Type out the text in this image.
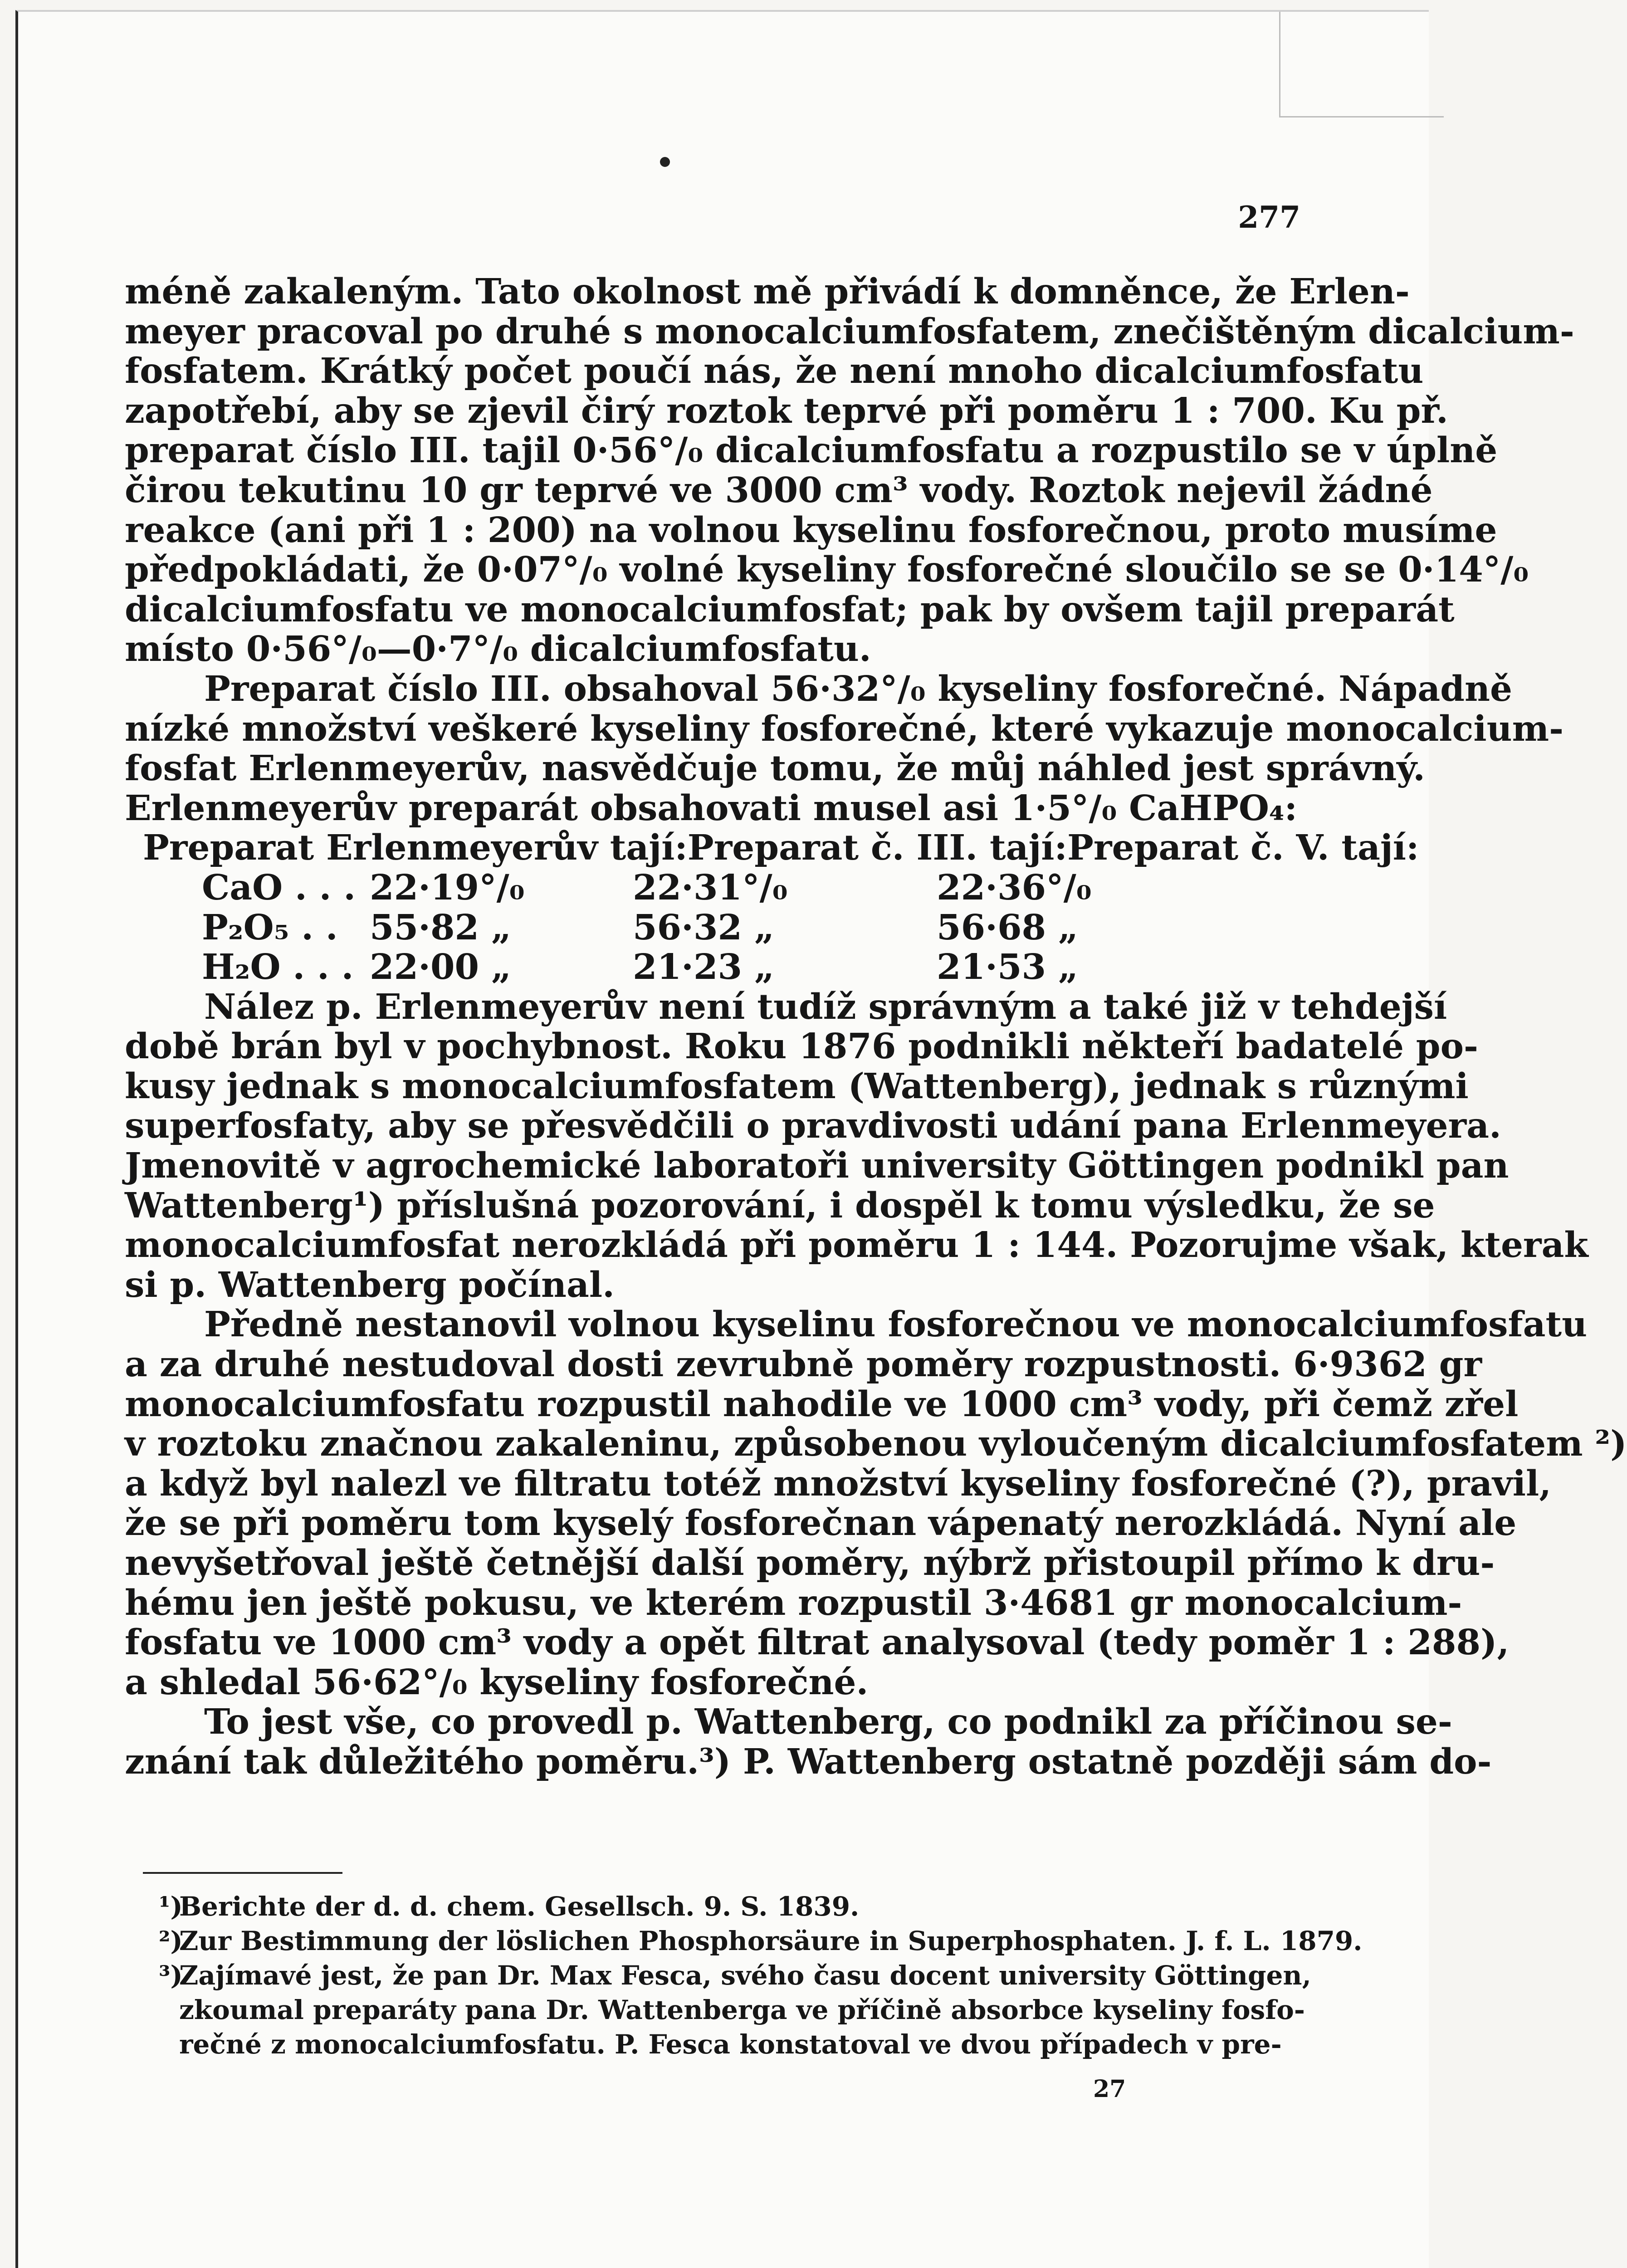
277
méně zakaleným. Tato okolnost mě přivádí k domněnce, že Erlen-
meyer pracoval po druhé s monocalciumfosfatem, znečištěným dicalcium-
fosfatem. Krátký počet poučí nás, že není mnoho dicalciumfosfatu
zapotřebí, aby se zjevil čirý roztok teprvé při poměru 1 : 700. Ku př.
preparat číslo III. tajil 0·56°/₀ dicalciumfosfatu a rozpustilo se v úplně
čirou tekutinu 10 gr teprvé ve 3000 cm³ vody. Roztok nejevil žádné
reakce (ani při 1 : 200) na volnou kyselinu fosforečnou, proto musíme
předpokládati, že 0·07°/₀ volné kyseliny fosforečné sloučilo se se 0·14°/₀
dicalciumfosfatu ve monocalciumfosfat; pak by ovšem tajil preparát
místo 0·56°/₀—0·7°/₀ dicalciumfosfatu.
Preparat číslo III. obsahoval 56·32°/₀ kyseliny fosforečné. Nápadně
nízké množství veškeré kyseliny fosforečné, které vykazuje monocalcium-
fosfat Erlenmeyerův, nasvědčuje tomu, že můj náhled jest správný.
Erlenmeyerův preparát obsahovati musel asi 1·5°/₀ CaHPO₄:
Preparat Erlenmeyerův tají: Preparat č. III. tají: Preparat č. V. tají:
CaO . . . 22·19°/₀	22·31°/₀	22·36°/₀
P₂O₅ . . 55·82 „	56·32 „	56·68 „
H₂O . . . 22·00 „	21·23 „	21·53 „
Nález p. Erlenmeyerův není tudíž správným a také již v tehdejší
době brán byl v pochybnost. Roku 1876 podnikli někteří badatelé po-
kusy jednak s monocalciumfosfatem (Wattenberg), jednak s různými
superfosfaty, aby se přesvědčili o pravdivosti udání pana Erlenmeyera.
Jmenovitě v agrochemické laboratoři university Göttingen podnikl pan
Wattenberg¹) příslušná pozorování, i dospěl k tomu výsledku, že se
monocalciumfosfat nerozkládá při poměru 1 : 144. Pozorujme však, kterak
si p. Wattenberg počínal.
Předně nestanovil volnou kyselinu fosforečnou ve monocalciumfosfatu
a za druhé nestudoval dosti zevrubně poměry rozpustnosti. 6·9362 gr
monocalciumfosfatu rozpustil nahodile ve 1000 cm³ vody, při čemž zřel
v roztoku značnou zakaleninu, způsobenou vyloučeným dicalciumfosfatem ²)
a když byl nalezl ve filtratu totéž množství kyseliny fosforečné (?), pravil,
že se při poměru tom kyselý fosforečnan vápenatý nerozkládá. Nyní ale
nevyšetřoval ještě četnější další poměry, nýbrž přistoupil přímo k dru-
hému jen ještě pokusu, ve kterém rozpustil 3·4681 gr monocalcium-
fosfatu ve 1000 cm³ vody a opět filtrat analysoval (tedy poměr 1 : 288),
a shledal 56·62°/₀ kyseliny fosforečné.
To jest vše, co provedl p. Wattenberg, co podnikl za příčinou se-
znání tak důležitého poměru.³) P. Wattenberg ostatně později sám do-
¹)
Berichte der d. d. chem. Gesellsch. 9. S. 1839.
²)
Zur Bestimmung der löslichen Phosphorsäure in Superphosphaten. J. f. L. 1879.
³)
Zajímavé jest, že pan Dr. Max Fesca, svého času docent university Göttingen,
zkoumal preparáty pana Dr. Wattenberga ve příčině absorbce kyseliny fosfo-
rečné z monocalciumfosfatu. P. Fesca konstatoval ve dvou případech v pre-
27
